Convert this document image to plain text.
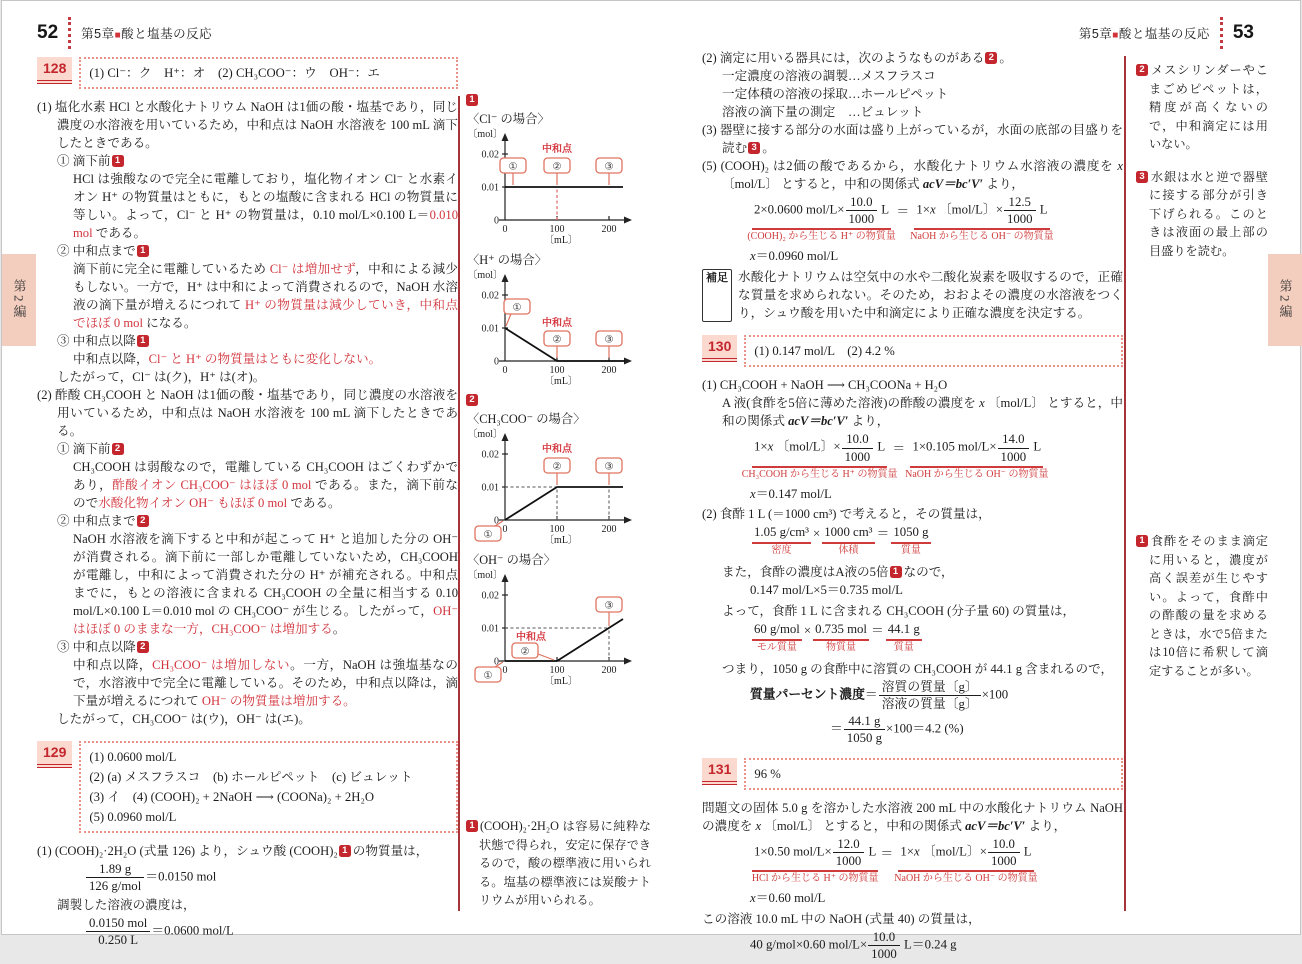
52 第5章■酸と塩基の反応	第5章■酸と塩基の反応 53
第2編	第2編
128	(1) Cl⁻：ク　H⁺：オ　(2) CH₃COO⁻：ウ　OH⁻：エ
(1) 塩化水素 HCl と水酸化ナトリウム NaOH は1価の酸・塩基であり，同じ濃度の水溶液を用いているため，中和点は NaOH 水溶液を 100 mL 滴下したときである。
① 滴下前 1
HCl は強酸なので完全に電離しており，塩化物イオン Cl⁻ と水素イオン H⁺ の物質量はともに，もとの塩酸に含まれる HCl の物質量に等しい。よって，Cl⁻ と H⁺ の物質量は，0.10 mol/L×0.100 L＝0.010 mol である。
② 中和点まで 1
滴下前に完全に電離しているため Cl⁻ は増加せず，中和による減少もしない。一方で，H⁺ は中和によって消費されるので，NaOH 水溶液の滴下量が増えるにつれて H⁺ の物質量は減少していき，中和点でほぼ 0 mol になる。
③ 中和点以降 1
中和点以降，Cl⁻ と H⁺ の物質量はともに変化しない。
したがって，Cl⁻ は(ク)，H⁺ は(オ)。
(2) 酢酸 CH₃COOH と NaOH は1価の酸・塩基であり，同じ濃度の水溶液を用いているため，中和点は NaOH 水溶液を 100 mL 滴下したときである。
① 滴下前 2
CH₃COOH は弱酸なので，電離している CH₃COOH はごくわずかであり，酢酸イオン CH₃COO⁻ はほぼ 0 mol である。また，滴下前なので水酸化物イオン OH⁻ もほぼ 0 mol である。
② 中和点まで 2
NaOH 水溶液を滴下すると中和が起こって H⁺ と追加した分の OH⁻ が消費される。滴下前に一部しか電離していないため，CH₃COOH が電離し，中和によって消費された分の H⁺ が補充される。中和点までに，もとの溶液に含まれる CH₃COOH の全量に相当する 0.10 mol/L×0.100 L＝0.010 mol の CH₃COO⁻ が生じる。したがって，OH⁻ はほぼ 0 のままな一方，CH₃COO⁻ は増加する。
③ 中和点以降 2
中和点以降，CH₃COO⁻ は増加しない。一方，NaOH は強塩基なので，水溶液中で完全に電離している。そのため，中和点以降は，滴下量が増えるにつれて OH⁻ の物質量は増加する。
したがって，CH₃COO⁻ は(ウ)，OH⁻ は(エ)。
129	(1) 0.0600 mol/L
(2) (a) メスフラスコ　(b) ホールピペット　(c) ビュレット
(3) イ　(4) (COOH)₂ + 2NaOH ⟶ (COONa)₂ + 2H₂O
(5) 0.0960 mol/L
(1) (COOH)₂·2H₂O (式量 126) より，シュウ酸 (COOH)₂ 1 の物質量は，
$\frac{1.89 g}{\text{126 g/mol}} =0.0150$ mol
調製した溶液の濃度は，
$\frac{\text{0.0150 mol}}{0.250 L} =0.0600$ mol/L
1
〈Cl⁻ の場合〉
0.02
0.01
0
0	100	200
〔mol〕
〔mL〕
中和点
①	②	③
〈H⁺ の場合〉
0.02
0.01
0
0	100	200
〔mol〕
〔mL〕
中和点
①
②	③
2
〈CH₃COO⁻ の場合〉
0.02
0.01
0
0	100	200
〔mol〕
〔mL〕
中和点
②	③
①
〈OH⁻ の場合〉
0.02
0.01
0
0	100	200
〔mol〕
〔mL〕
中和点
②
③
①
1 (COOH)₂·2H₂O は容易に純粋な状態で得られ，安定に保存できるので，酸の標準液に用いられる。塩基の標準液には炭酸ナトリウムが用いられる。
(2) 滴定に用いる器具には，次のようなものがある 2 。
一定濃度の溶液の調製…メスフラスコ
一定体積の溶液の採取…ホールピペット
溶液の滴下量の測定　…ビュレット
(3) 器壁に接する部分の水面は盛り上がっているが，水面の底部の目盛りを読む 3 。
(5) (COOH)₂ は2価の酸であるから，水酸化ナトリウム水溶液の濃度を x 〔mol/L〕 とすると，中和の関係式 acV＝bc′V′ より，
2×0.0600 $mol/L\times \frac{10.0}{1000}$ L
(COOH)₂ から生じる H⁺ の物質量
＝ 1×x 〔mol/L〕× $\frac{12.5}{1000}$ L
NaOH から生じる OH⁻ の物質量
x＝0.0960 mol/L
補足 水酸化ナトリウムは空気中の水や二酸化炭素を吸収するので，正確な質量を求められない。そのため，おおよその濃度の水溶液をつくり，シュウ酸を用いた中和滴定により正確な濃度を決定する。
130	(1) 0.147 mol/L　(2) 4.2 %
(1) CH₃COOH + NaOH ⟶ CH₃COONa + H₂O
A 液(食酢を5倍に薄めた溶液)の酢酸の濃度を x 〔mol/L〕 とすると，中和の関係式 acV＝bc′V′ より，
1×x 〔mol/L〕× $\frac{10.0}{1000}$ L
CH₃COOH から生じる H⁺ の物質量
＝ 1×0.105 $mol/L\times \frac{14.0}{1000}$ L
NaOH から生じる OH⁻ の物質量
x＝0.147 mol/L
(2) 食酢 1 L (＝1000 cm³) で考えると，その質量は，
1.05 g/cm³
密度
× 1000 cm³
体積
＝ 1050 g
質量
また，食酢の濃度はA液の5倍 1 なので，
0.147 mol/L×5＝0.735 mol/L
よって，食酢 1 L に含まれる CH₃COOH (分子量 60) の質量は，
60 g/mol
モル質量
× 0.735 mol
物質量
＝ 44.1 g
質量
つまり，1050 g の食酢中に溶質の CH₃COOH が 44.1 g 含まれるので，
質量パーセント濃度＝ $\frac{\text{溶質の質量〔g〕}}{\text{溶液の質量〔g〕}} \times 100$
＝ $\frac{44.1 g}{1050 g} \times 100=4.2$ (%)
131	96 %
問題文の固体 5.0 g を溶かした水溶液 200 mL 中の水酸化ナトリウム NaOH の濃度を x 〔mol/L〕 とすると，中和の関係式 acV＝bc′V′ より，
1×0.50 $mol/L\times \frac{12.0}{1000}$ L
HCl から生じる H⁺ の物質量
＝ 1×x 〔mol/L〕× $\frac{10.0}{1000}$ L
NaOH から生じる OH⁻ の物質量
x＝0.60 mol/L
この溶液 10.0 mL 中の NaOH (式量 40) の質量は，
40 g/mol×0.60 $mol/L\times \frac{10.0}{1000} L=0.24$ g
2 メスシリンダーやこまごめピペットは，精度が高くないので，中和滴定には用いない。
3 水銀は水と逆で器壁に接する部分が引き下げられる。このときは液面の最上部の目盛りを読む。
1 食酢をそのまま滴定に用いると，濃度が高く誤差が生じやすい。よって，食酢中の酢酸の量を求めるときは，水で5倍または10倍に希釈して滴定することが多い。
